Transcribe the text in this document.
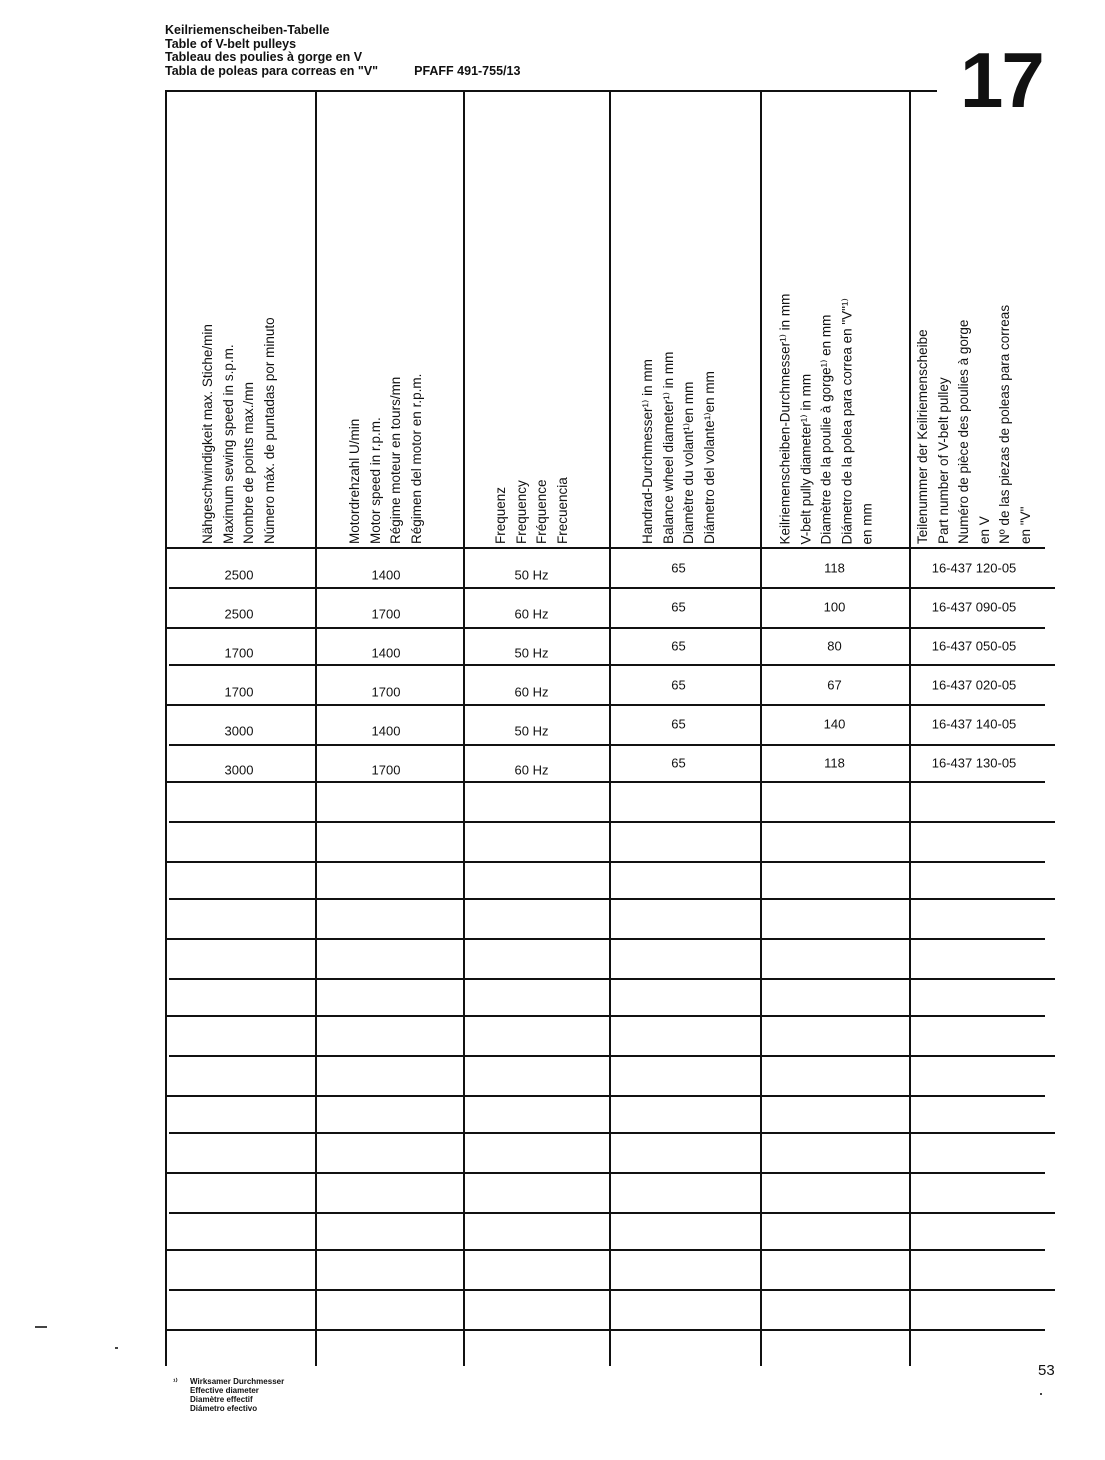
Keilriemenscheiben-Tabelle
Table of V-belt pulleys
Tableau des poulies à gorge en V
Tabla de poleas para correas en "V"	PFAFF 491-755/13	17
Nähgeschwindigkeit max. Stiche/min Maximum sewing speed in s.p.m. Nombre de points max./mn Número máx. de puntadas por minuto	Motordrehzahl U/min Motor speed in r.p.m. Régime moteur en tours/mn Régimen del motor en r.p.m.	Frequenz Frequency Fréquence Frecuencia	Handrad-Durchmesser¹⁾ in mm Balance wheel diameter¹⁾ in mm Diamètre du volant¹⁾en mm Diámetro del volante¹⁾en mm	Keilriemenscheiben-Durchmesser¹⁾ in mm V-belt pully diameter¹⁾ in mm Diamètre de la poulie à gorge¹⁾ en mm Diámetro de la polea para correa en "V"¹⁾ en mm	Teilenummer der Keilriemenscheibe Part number of V-belt pulley Numéro de pièce des poulies à gorge en V Nº de las piezas de poleas para correas en "V"
2500	1400	50 Hz	65	118	16-437 120-05
2500	1700	60 Hz	65	100	16-437 090-05
1700	1400	50 Hz	65	80	16-437 050-05
1700	1700	60 Hz	65	67	16-437 020-05
3000	1400	50 Hz	65	140	16-437 140-05
3000	1700	60 Hz	65	118	16-437 130-05
53
¹⁾ Wirksamer Durchmesser
Effective diameter
Diamètre effectif
Diámetro efectivo
